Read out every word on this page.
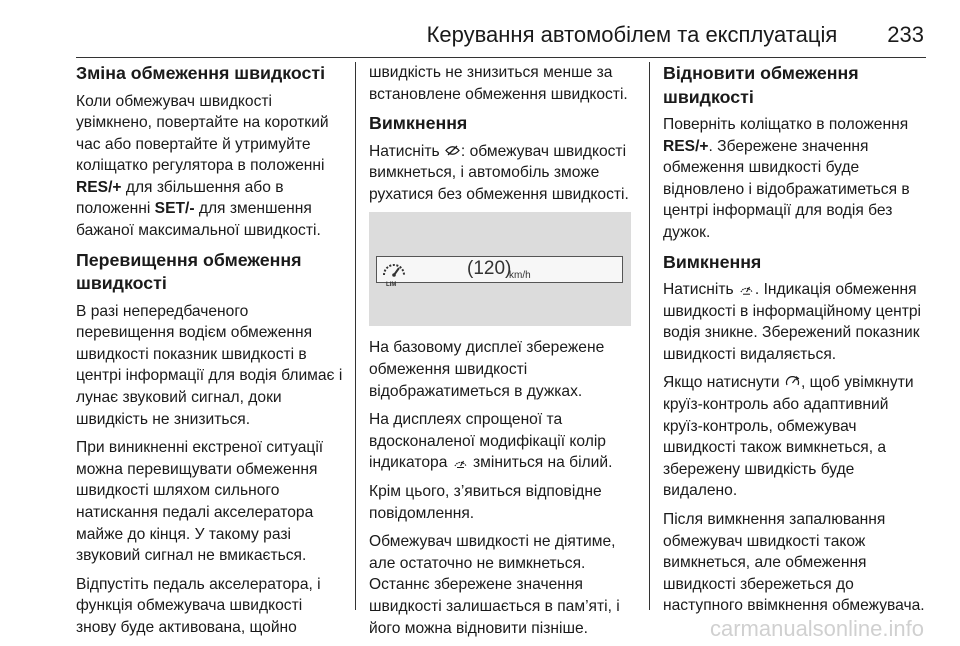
Керування автомобілем та експлуатація 233
Зміна обмеження швидкості

Коли обмежувач швидкості увімкнено, повертайте на короткий час або повертайте й утримуйте коліщатко регулятора в положенні RES/+ для збільшення або в положенні SET/- для зменшення бажаної максимальної швидкості.

Перевищення обмеження швидкості

В разі непередбаченого перевищення водієм обмеження швидкості показник швидкості в центрі інформації для водія блимає і лунає звуковий сигнал, доки швидкість не знизиться.

При виникненні екстреної ситуації можна перевищувати обмеження швидкості шляхом сильного натискання педалі акселератора майже до кінця. У такому разі звуковий сигнал не вмикається.

Відпустіть педаль акселератора, і функція обмежувача швидкості знову буде активована, щойно

швидкість не знизиться менше за встановлене обмеження швидкості.

Вимкнення

Натисніть
: обмежувач швидкості вимкнеться, і автомобіль зможе рухатися без обмеження швидкості.

LIM
(120)
km/h

На базовому дисплеї збережене обмеження швидкості відображатиметься в дужках.

На дисплеях спрощеної та вдосконаленої модифікації колір індикатора
зміниться на білий.

Крім цього, з’явиться відповідне повідомлення.

Обмежувач швидкості не діятиме, але остаточно не вимкнеться. Останнє збережене значення швидкості залишається в пам’яті, і його можна відновити пізніше.

Відновити обмеження швидкості

Поверніть коліщатко в положення RES/+. Збережене значення обмеження швидкості буде відновлено і відображатиметься в центрі інформації для водія без дужок.

Вимкнення

Натисніть
. Індикація обмеження швидкості в інформаційному центрі водія зникне. Збережений показник швидкості видаляється.

Якщо натиснути
, щоб увімкнути круїз-контроль або адаптивний круїз-контроль, обмежувач швидкості також вимкнеться, а збережену швидкість буде видалено.

Після вимкнення запалювання обмежувач швидкості також вимкнеться, але обмеження швидкості збережеться до наступного ввімкнення обмежувача.

carmanualsonline.info
